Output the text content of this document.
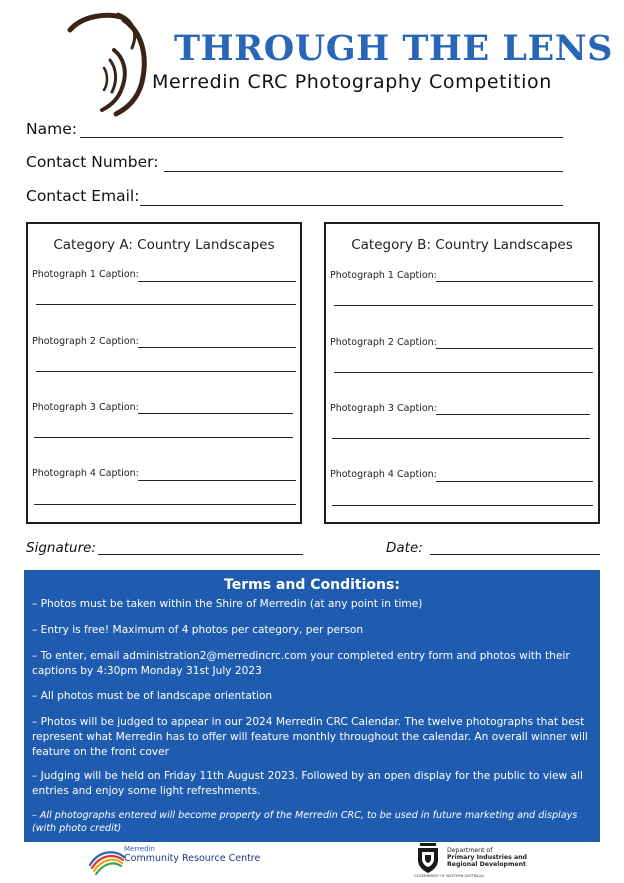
THROUGH THE LENS
Merredin CRC Photography Competition
Name:
Contact Number:
Contact Email:
Category A: Country Landscapes
Photograph 1 Caption:
Photograph 2 Caption:
Photograph 3 Caption:
Photograph 4 Caption:
Category B: Country Landscapes
Photograph 1 Caption:
Photograph 2 Caption:
Photograph 3 Caption:
Photograph 4 Caption:
Signature:	Date:
Terms and Conditions:
– Photos must be taken within the Shire of Merredin (at any point in time)
– Entry is free! Maximum of 4 photos per category, per person
– To enter, email administration2@merredincrc.com your completed entry form and photos with their captions by 4:30pm Monday 31st July 2023
– All photos must be of landscape orientation
– Photos will be judged to appear in our 2024 Merredin CRC Calendar. The twelve photographs that best represent what Merredin has to offer will feature monthly throughout the calendar. An overall winner will feature on the front cover
– Judging will be held on Friday 11th August 2023. Followed by an open display for the public to view all entries and enjoy some light refreshments.
– All photographs entered will become property of the Merredin CRC, to be used in future marketing and displays (with photo credit)
Merredin
Community Resource Centre
Department of
Primary Industries and
Regional Development
GOVERNMENT OF WESTERN AUSTRALIA
